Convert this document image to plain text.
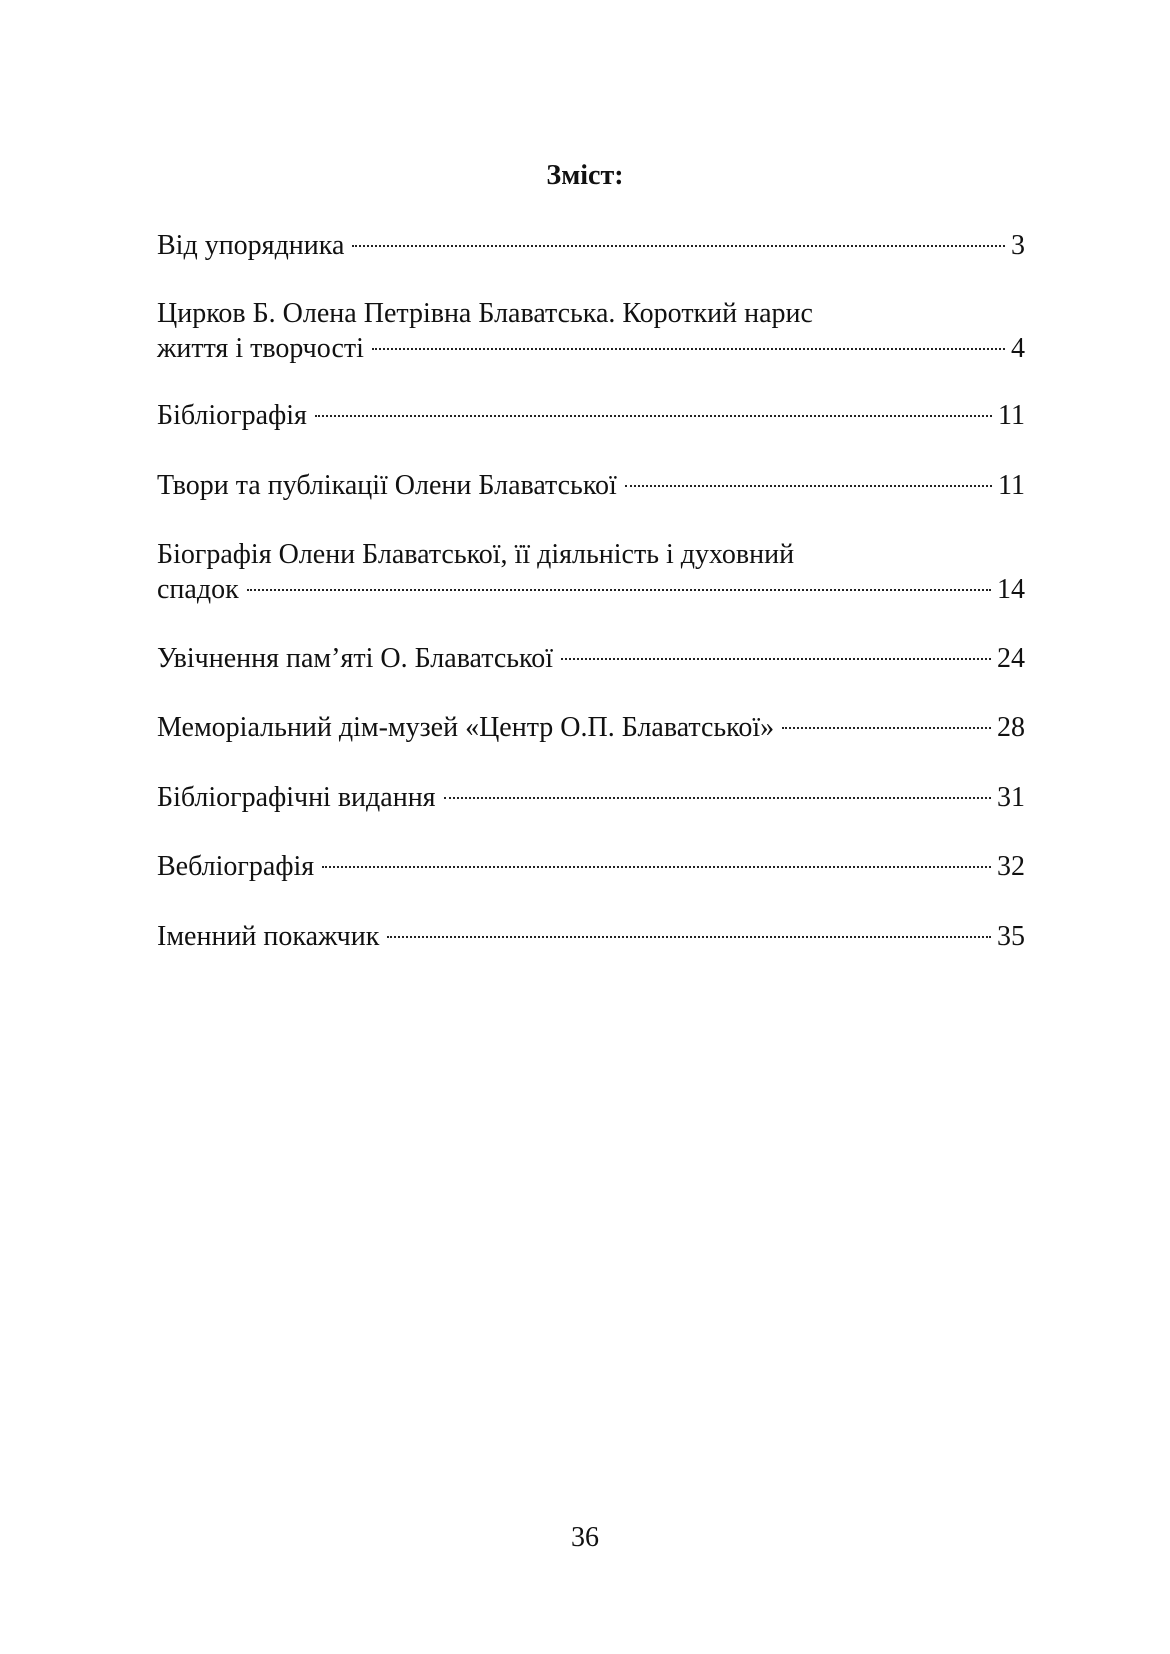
Зміст:
Від упорядника	3
Цирков Б. Олена Петрівна Блаватська. Короткий нарис
життя і творчості	4
Бібліографія	11
Твори та публікації Олени Блаватської	11
Біографія Олени Блаватської, її діяльність і духовний
спадок	14
Увічнення пам’яті О. Блаватської	24
Меморіальний дім-музей «Центр О.П. Блаватської»	28
Бібліографічні видання	31
Вебліографія	32
Іменний покажчик	35
36
